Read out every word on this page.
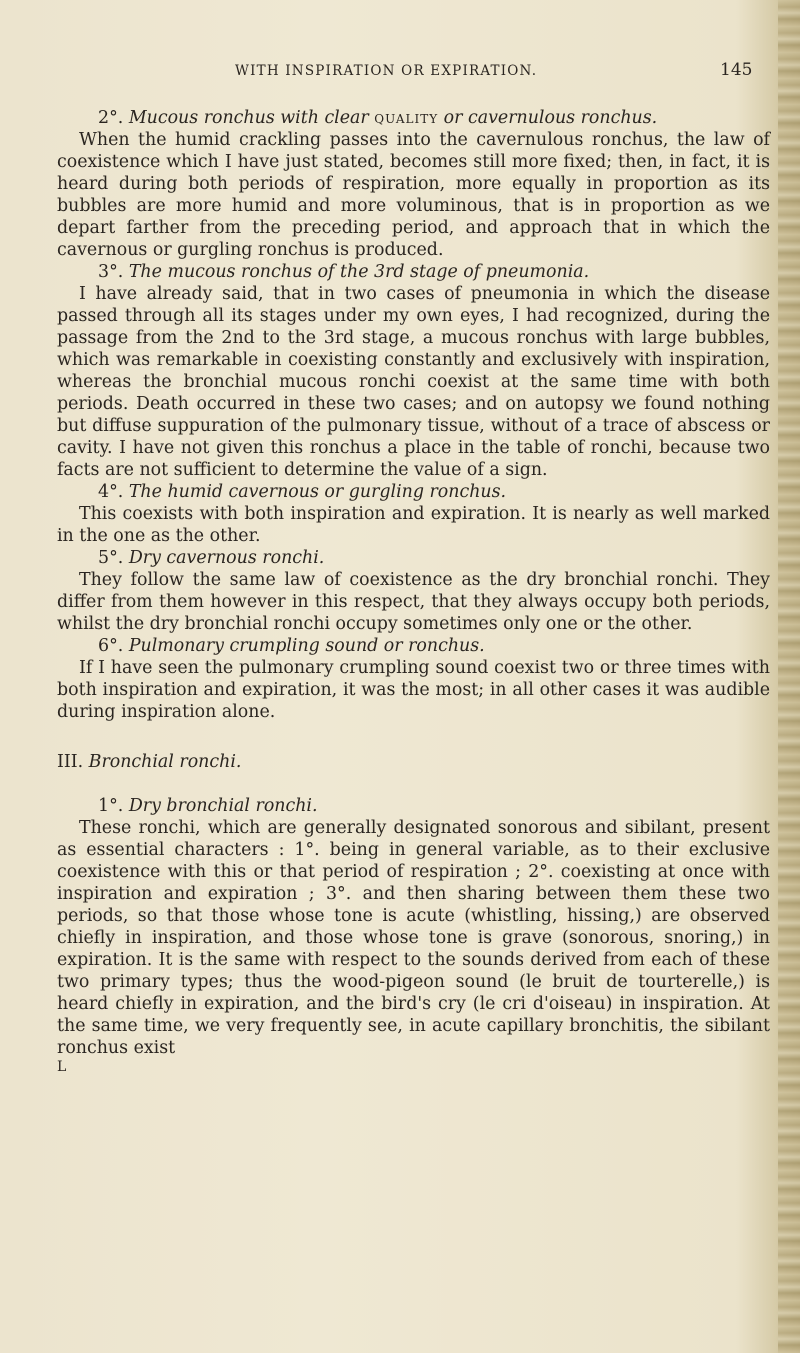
WITH INSPIRATION OR EXPIRATION.	145

2°. Mucous ronchus with clear quality or cavernulous ronchus.

When the humid crackling passes into the cavernulous ronchus, the law of coexistence which I have just stated, becomes still more fixed; then, in fact, it is heard during both periods of respiration, more equally in proportion as its bubbles are more humid and more voluminous, that is in proportion as we depart farther from the preceding period, and approach that in which the cavernous or gurgling ronchus is produced.

3°. The mucous ronchus of the 3rd stage of pneumonia.

I have already said, that in two cases of pneumonia in which the disease passed through all its stages under my own eyes, I had recognized, during the passage from the 2nd to the 3rd stage, a mucous ronchus with large bubbles, which was remarkable in coexisting constantly and exclusively with inspiration, whereas the bronchial mucous ronchi coexist at the same time with both periods. Death occurred in these two cases; and on autopsy we found nothing but diffuse suppuration of the pulmonary tissue, without of a trace of abscess or cavity. I have not given this ronchus a place in the table of ronchi, because two facts are not sufficient to determine the value of a sign.

4°. The humid cavernous or gurgling ronchus.

This coexists with both inspiration and expiration. It is nearly as well marked in the one as the other.

5°. Dry cavernous ronchi.

They follow the same law of coexistence as the dry bronchial ronchi. They differ from them however in this respect, that they always occupy both periods, whilst the dry bronchial ronchi occupy sometimes only one or the other.

6°. Pulmonary crumpling sound or ronchus.

If I have seen the pulmonary crumpling sound coexist two or three times with both inspiration and expiration, it was the most; in all other cases it was audible during inspiration alone.

III. Bronchial ronchi.

1°. Dry bronchial ronchi.

These ronchi, which are generally designated sonorous and sibilant, present as essential characters : 1°. being in general variable, as to their exclusive coexistence with this or that period of respiration ; 2°. coexisting at once with inspiration and expiration ; 3°. and then sharing between them these two periods, so that those whose tone is acute (whistling, hissing,) are observed chiefly in inspiration, and those whose tone is grave (sonorous, snoring,) in expiration. It is the same with respect to the sounds derived from each of these two primary types; thus the wood-pigeon sound (le bruit de tourterelle,) is heard chiefly in expiration, and the bird's cry (le cri d'oiseau) in inspiration. At the same time, we very frequently see, in acute capillary bronchitis, the sibilant ronchus exist

L
